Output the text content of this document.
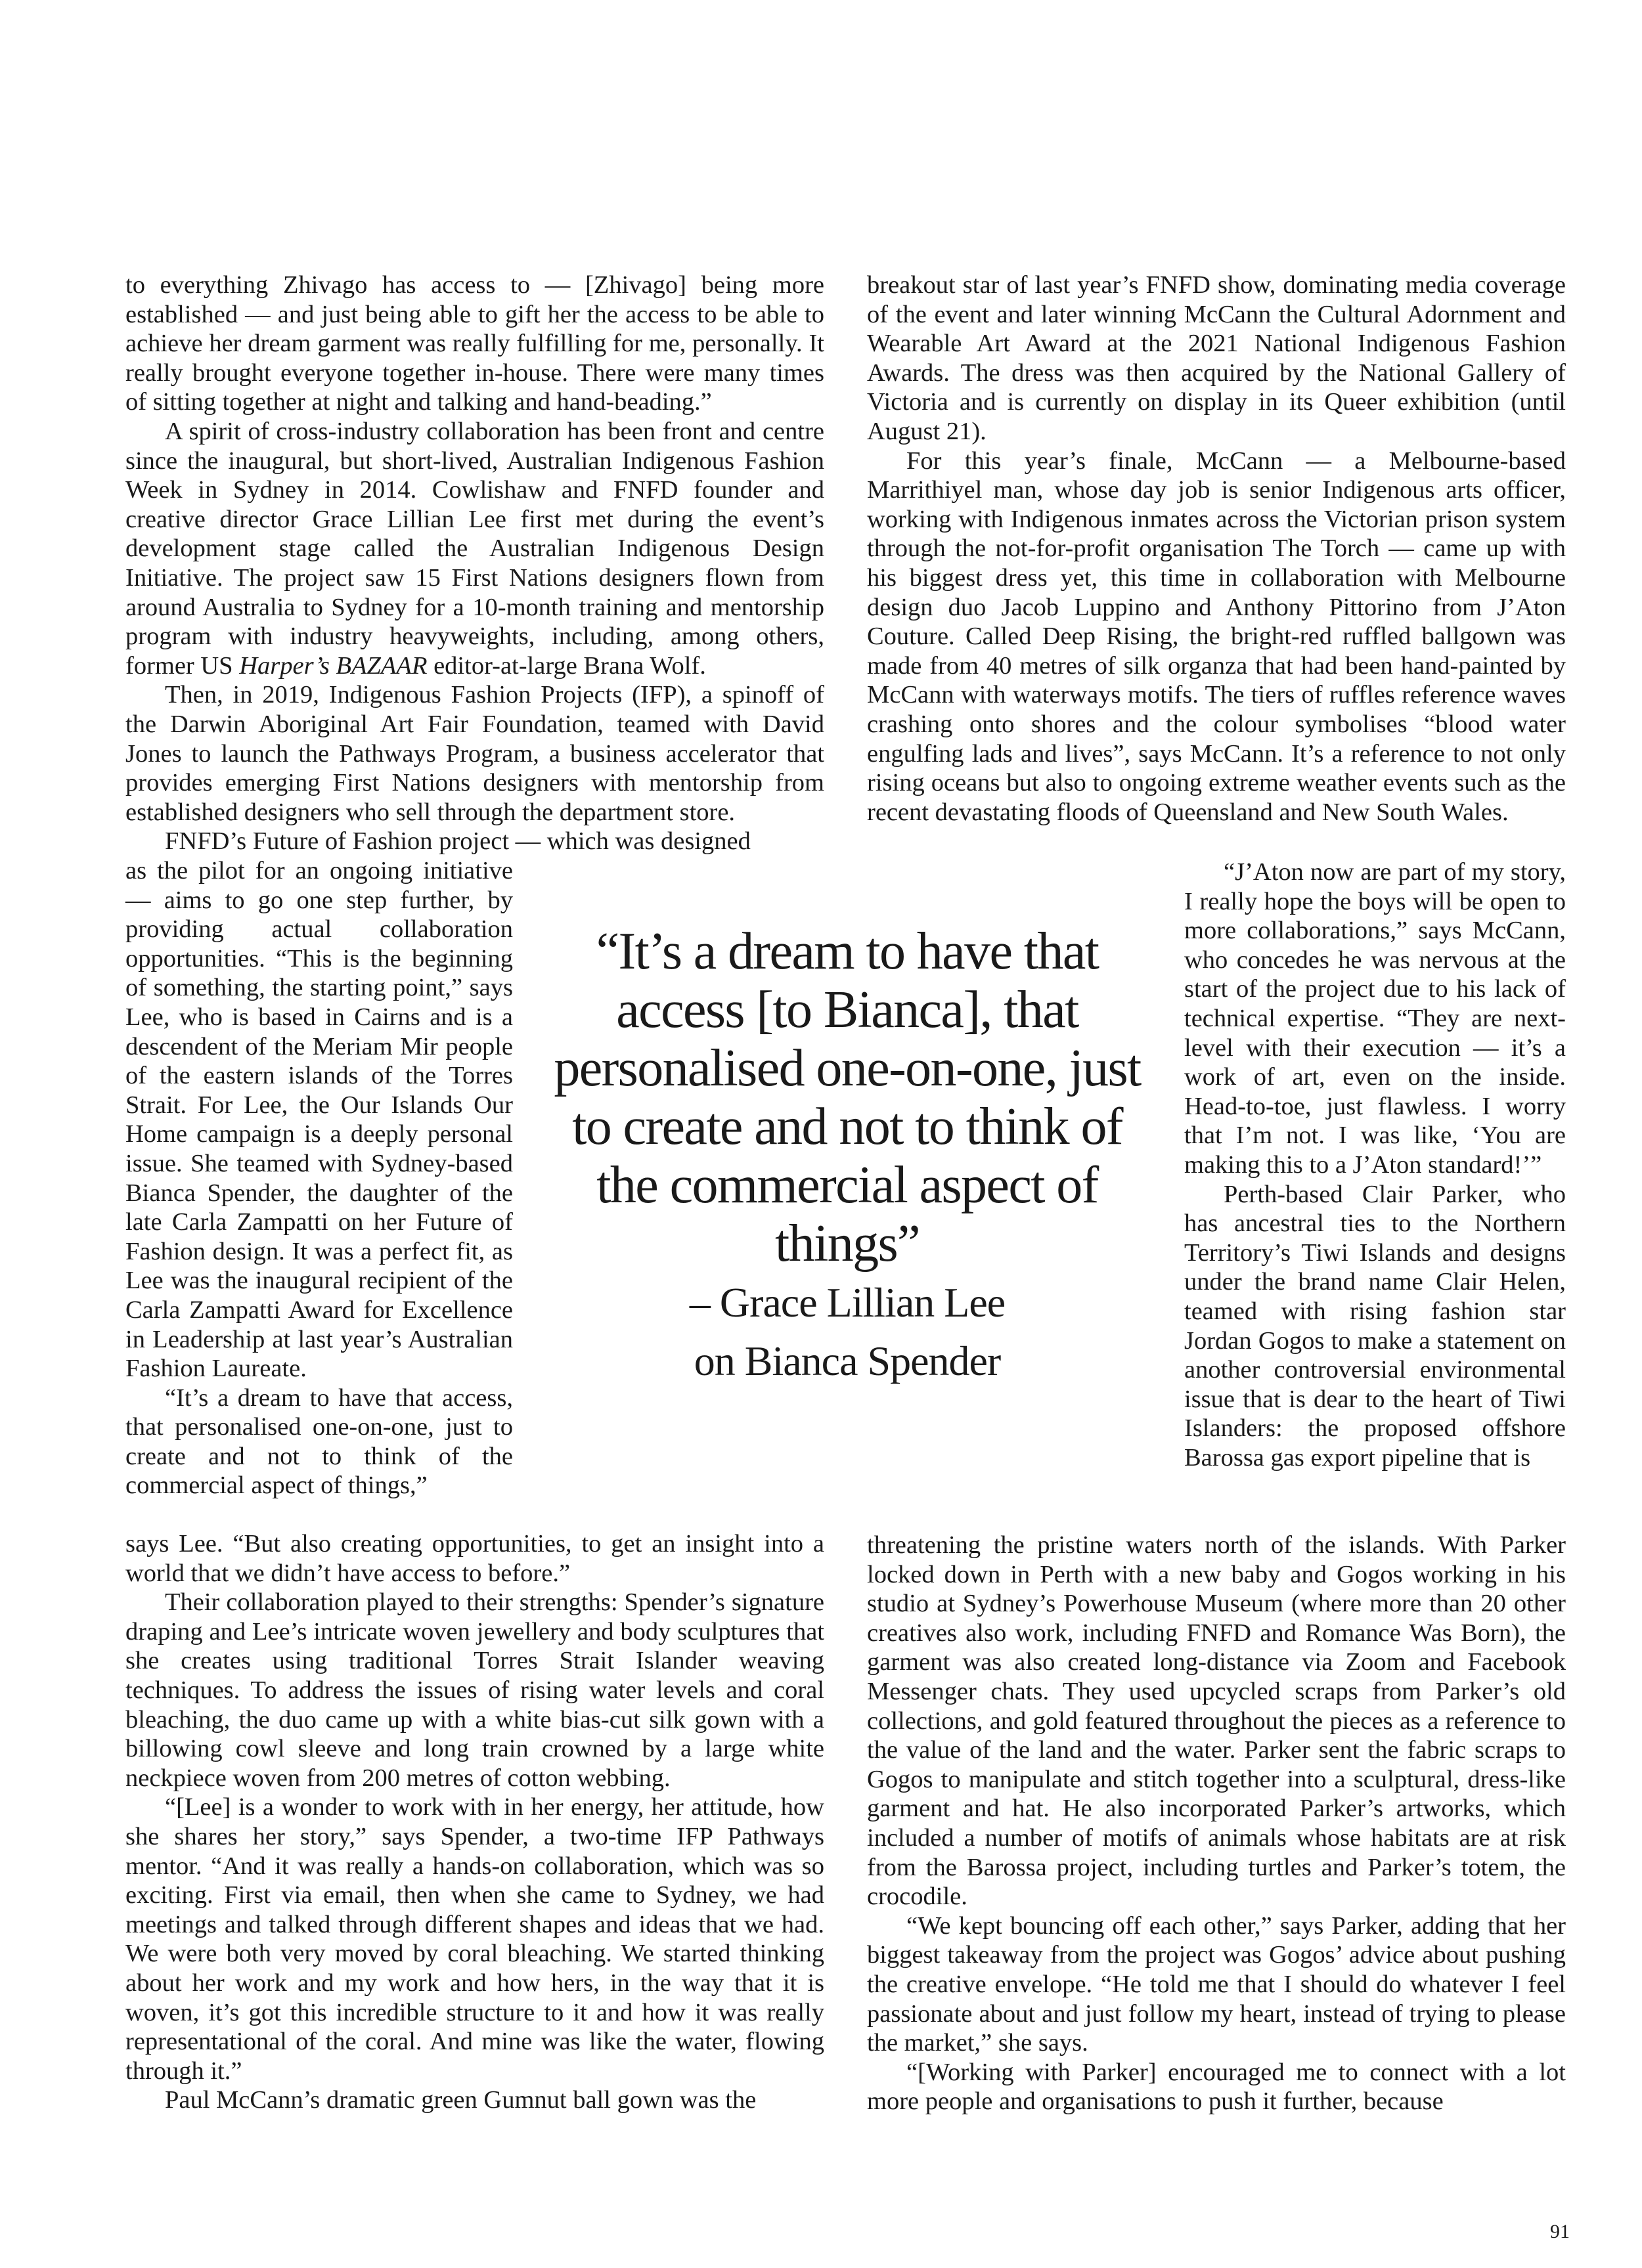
to everything Zhivago has access to — [Zhivago] being more established — and just being able to gift her the access to be able to achieve her dream garment was really fulfilling for me, personally. It really brought everyone together in-house. There were many times of sitting together at night and talking and hand-beading.”

A spirit of cross-industry collaboration has been front and centre since the inaugural, but short-lived, Australian Indigenous Fashion Week in Sydney in 2014. Cowlishaw and FNFD founder and creative director Grace Lillian Lee first met during the event’s development stage called the Australian Indigenous Design Initiative. The project saw 15 First Nations designers flown from around Australia to Sydney for a 10-month training and mentorship program with industry heavyweights, including, among others, former US Harper’s BAZAAR editor-at-large Brana Wolf.

Then, in 2019, Indigenous Fashion Projects (IFP), a spinoff of the Darwin Aboriginal Art Fair Foundation, teamed with David Jones to launch the Pathways Program, a business accelerator that provides emerging First Nations designers with mentorship from established designers who sell through the department store.

FNFD’s Future of Fashion project — which was designed

as the pilot for an ongoing initiative — aims to go one step further, by providing actual collaboration opportunities. “This is the beginning of something, the starting point,” says Lee, who is based in Cairns and is a descendent of the Meriam Mir people of the eastern islands of the Torres Strait. For Lee, the Our Islands Our Home campaign is a deeply personal issue. She teamed with Sydney-based Bianca Spender, the daughter of the late Carla Zampatti on her Future of Fashion design. It was a perfect fit, as Lee was the inaugural recipient of the Carla Zampatti Award for Excellence in Leadership at last year’s Australian Fashion Laureate.

“It’s a dream to have that access, that personalised one-on-one, just to create and not to think of the commercial aspect of things,”

says Lee. “But also creating opportunities, to get an insight into a world that we didn’t have access to before.”

Their collaboration played to their strengths: Spender’s signature draping and Lee’s intricate woven jewellery and body sculptures that she creates using traditional Torres Strait Islander weaving techniques. To address the issues of rising water levels and coral bleaching, the duo came up with a white bias-cut silk gown with a billowing cowl sleeve and long train crowned by a large white neckpiece woven from 200 metres of cotton webbing.

“[Lee] is a wonder to work with in her energy, her attitude, how she shares her story,” says Spender, a two-time IFP Pathways mentor. “And it was really a hands-on collaboration, which was so exciting. First via email, then when she came to Sydney, we had meetings and talked through different shapes and ideas that we had. We were both very moved by coral bleaching. We started thinking about her work and my work and how hers, in the way that it is woven, it’s got this incredible structure to it and how it was really representational of the coral. And mine was like the water, flowing through it.”

Paul McCann’s dramatic green Gumnut ball gown was the

“It’s a dream to have that access [to Bianca], that personalised one-on-one, just to create and not to think of the commercial aspect of things”
– Grace Lillian Lee
on Bianca Spender

breakout star of last year’s FNFD show, dominating media coverage of the event and later winning McCann the Cultural Adornment and Wearable Art Award at the 2021 National Indigenous Fashion Awards. The dress was then acquired by the National Gallery of Victoria and is currently on display in its Queer exhibition (until August 21).

For this year’s finale, McCann — a Melbourne-based Marrithiyel man, whose day job is senior Indigenous arts officer, working with Indigenous inmates across the Victorian prison system through the not-for-profit organisation The Torch — came up with his biggest dress yet, this time in collaboration with Melbourne design duo Jacob Luppino and Anthony Pittorino from J’Aton Couture. Called Deep Rising, the bright-red ruffled ballgown was made from 40 metres of silk organza that had been hand-painted by McCann with waterways motifs. The tiers of ruffles reference waves crashing onto shores and the colour symbolises “blood water engulfing lads and lives”, says McCann. It’s a reference to not only rising oceans but also to ongoing extreme weather events such as the recent devastating floods of Queensland and New South Wales.

“J’Aton now are part of my story, I really hope the boys will be open to more collaborations,” says McCann, who concedes he was nervous at the start of the project due to his lack of technical expertise. “They are next-level with their execution — it’s a work of art, even on the inside. Head-to-toe, just flawless. I worry that I’m not. I was like, ‘You are making this to a J’Aton standard!’”

Perth-based Clair Parker, who has ancestral ties to the Northern Territory’s Tiwi Islands and designs under the brand name Clair Helen, teamed with rising fashion star Jordan Gogos to make a statement on another controversial environmental issue that is dear to the heart of Tiwi Islanders: the proposed offshore Barossa gas export pipeline that is

threatening the pristine waters north of the islands. With Parker locked down in Perth with a new baby and Gogos working in his studio at Sydney’s Powerhouse Museum (where more than 20 other creatives also work, including FNFD and Romance Was Born), the garment was also created long-distance via Zoom and Facebook Messenger chats. They used upcycled scraps from Parker’s old collections, and gold featured throughout the pieces as a reference to the value of the land and the water. Parker sent the fabric scraps to Gogos to manipulate and stitch together into a sculptural, dress-like garment and hat. He also incorporated Parker’s artworks, which included a number of motifs of animals whose habitats are at risk from the Barossa project, including turtles and Parker’s totem, the crocodile.

“We kept bouncing off each other,” says Parker, adding that her biggest takeaway from the project was Gogos’ advice about pushing the creative envelope. “He told me that I should do whatever I feel passionate about and just follow my heart, instead of trying to please the market,” she says.

“[Working with Parker] encouraged me to connect with a lot more people and organisations to push it further, because

91
